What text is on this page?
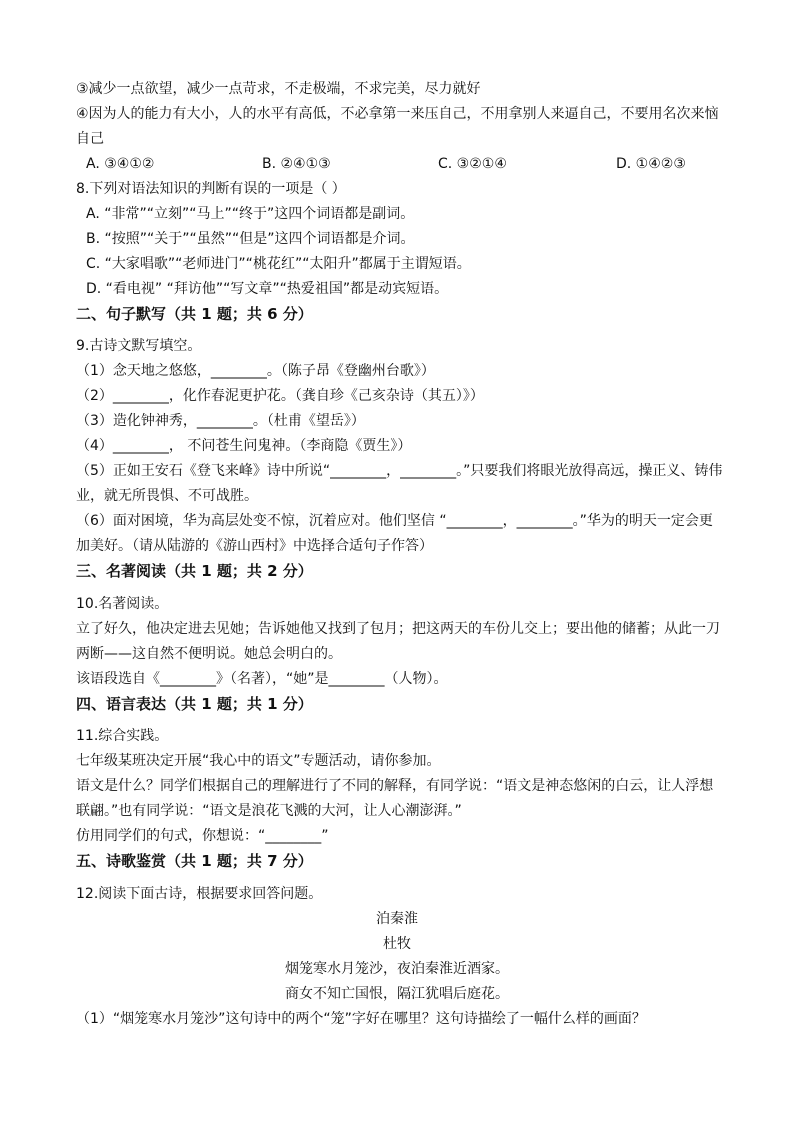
③减少一点欲望，减少一点苛求，不走极端，不求完美，尽力就好
④因为人的能力有大小，人的水平有高低，不必拿第一来压自己，不用拿别人来逼自己，不要用名次来恼
自己
A. ③④①②	B. ②④①③	C. ③②①④	D. ①④②③
8.下列对语法知识的判断有误的一项是（ ）
A. “非常”“立刻”“马上”“终于”这四个词语都是副词。
B. “按照”“关于”“虽然”“但是”这四个词语都是介词。
C. “大家唱歌”“老师进门”“桃花红”“太阳升”都属于主谓短语。
D. “看电视” “拜访他”“写文章”“热爱祖国”都是动宾短语。
二、句子默写（共 1 题；共 6 分）
9.古诗文默写填空。
（1）念天地之悠悠，________。（陈子昂《登幽州台歌》）
（2）________，化作春泥更护花。（龚自珍《己亥杂诗（其五）》）
（3）造化钟神秀，________。（杜甫《望岳》）
（4）________， 不问苍生问鬼神。（李商隐《贾生》）
（5）正如王安石《登飞来峰》诗中所说“________，________。”只要我们将眼光放得高远，操正义、铸伟
业，就无所畏惧、不可战胜。
（6）面对困境，华为高层处变不惊，沉着应对。他们坚信 “________，________。”华为的明天一定会更
加美好。（请从陆游的《游山西村》中选择合适句子作答）
三、名著阅读（共 1 题；共 2 分）
10.名著阅读。
立了好久，他决定进去见她；告诉她他又找到了包月；把这两天的车份儿交上；要出他的储蓄；从此一刀
两断——这自然不便明说。她总会明白的。
该语段选自《________》（名著），“她”是________（人物）。
四、语言表达（共 1 题；共 1 分）
11.综合实践。
七年级某班决定开展“我心中的语文”专题活动，请你参加。
语文是什么？同学们根据自己的理解进行了不同的解释，有同学说：“语文是神态悠闲的白云，让人浮想
联翩。”也有同学说：“语文是浪花飞溅的大河，让人心潮澎湃。”
仿用同学们的句式，你想说：“________”
五、诗歌鉴赏（共 1 题；共 7 分）
12.阅读下面古诗，根据要求回答问题。
泊秦淮
杜牧
烟笼寒水月笼沙，夜泊秦淮近酒家。
商女不知亡国恨，隔江犹唱后庭花。
（1）“烟笼寒水月笼沙”这句诗中的两个“笼”字好在哪里？这句诗描绘了一幅什么样的画面？
